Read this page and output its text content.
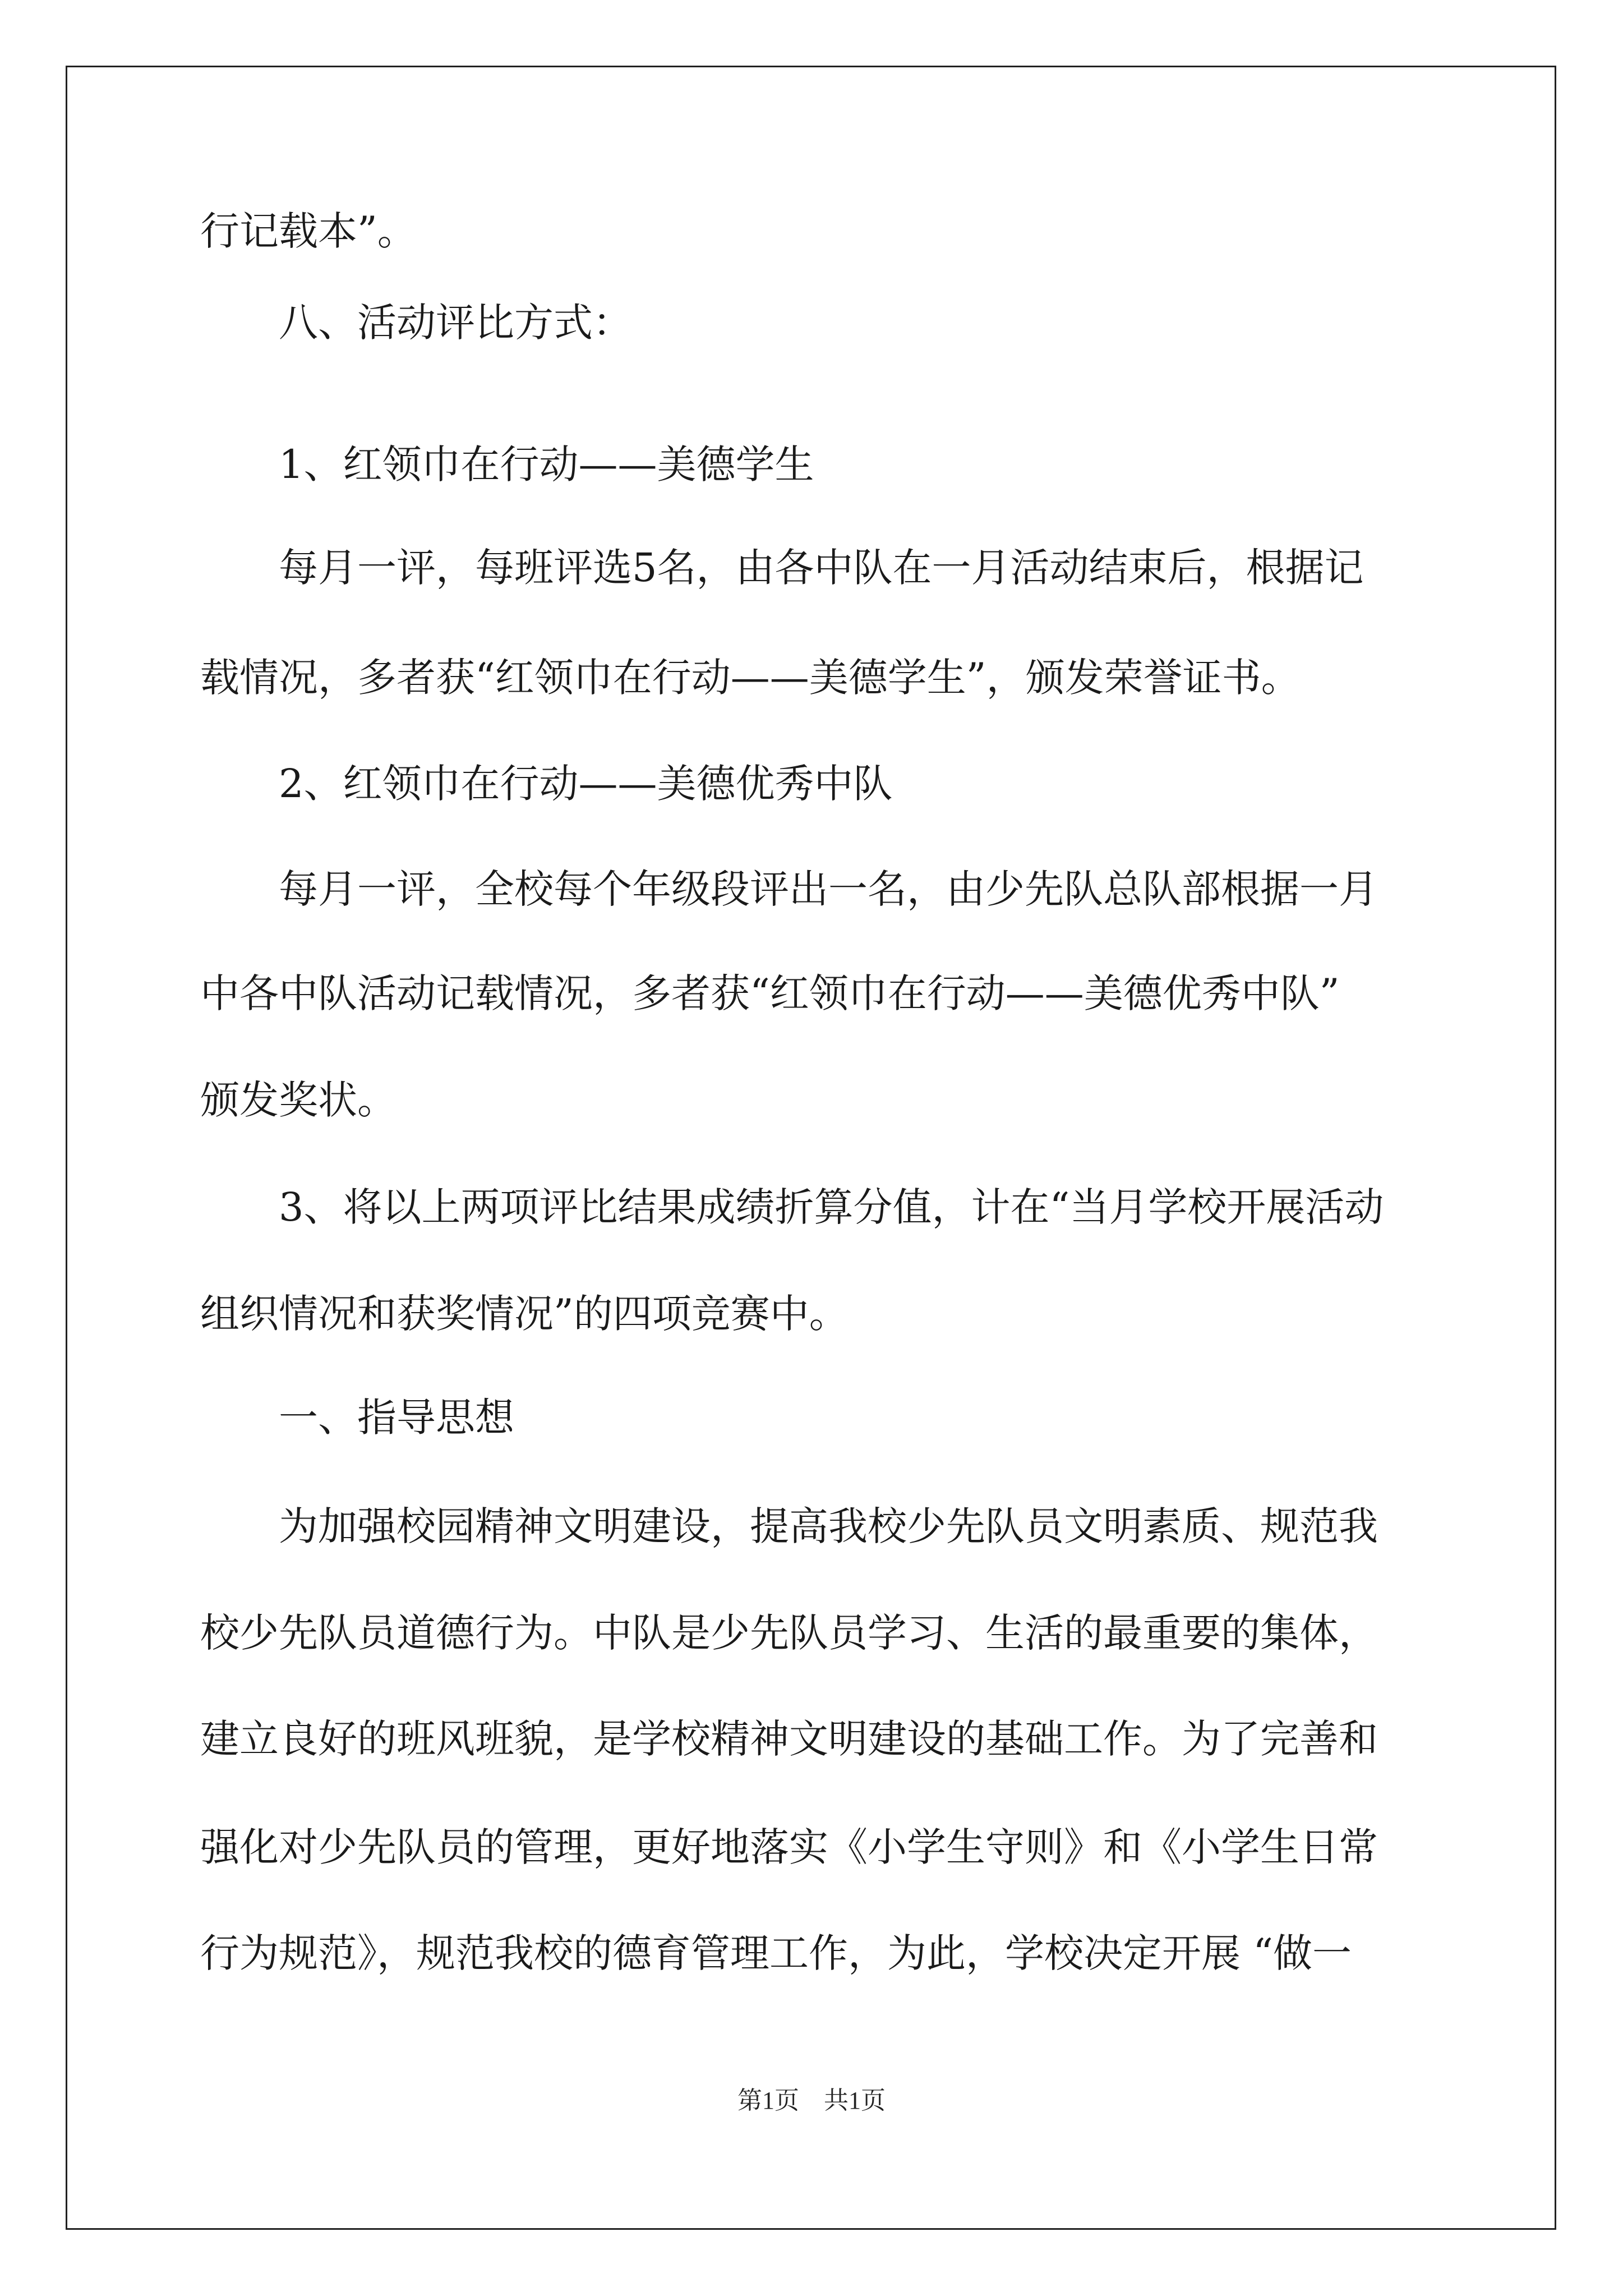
行记载本”。
　　八、活动评比方式：
　　1、红领巾在行动——美德学生
　　每月一评，每班评选5名，由各中队在一月活动结束后，根据记
载情况，多者获“红领巾在行动——美德学生”，颁发荣誉证书。
　　2、红领巾在行动——美德优秀中队
　　每月一评，全校每个年级段评出一名，由少先队总队部根据一月
中各中队活动记载情况，多者获“红领巾在行动——美德优秀中队”
颁发奖状。
　　3、将以上两项评比结果成绩折算分值，计在“当月学校开展活动
组织情况和获奖情况”的四项竞赛中。
　　一、指导思想
　　为加强校园精神文明建设，提高我校少先队员文明素质、规范我
校少先队员道德行为。中队是少先队员学习、生活的最重要的集体，
建立良好的班风班貌，是学校精神文明建设的基础工作。为了完善和
强化对少先队员的管理，更好地落实《小学生守则》和《小学生日常
行为规范》，规范我校的德育管理工作，为此，学校决定开展 “做一
第1页　共1页
